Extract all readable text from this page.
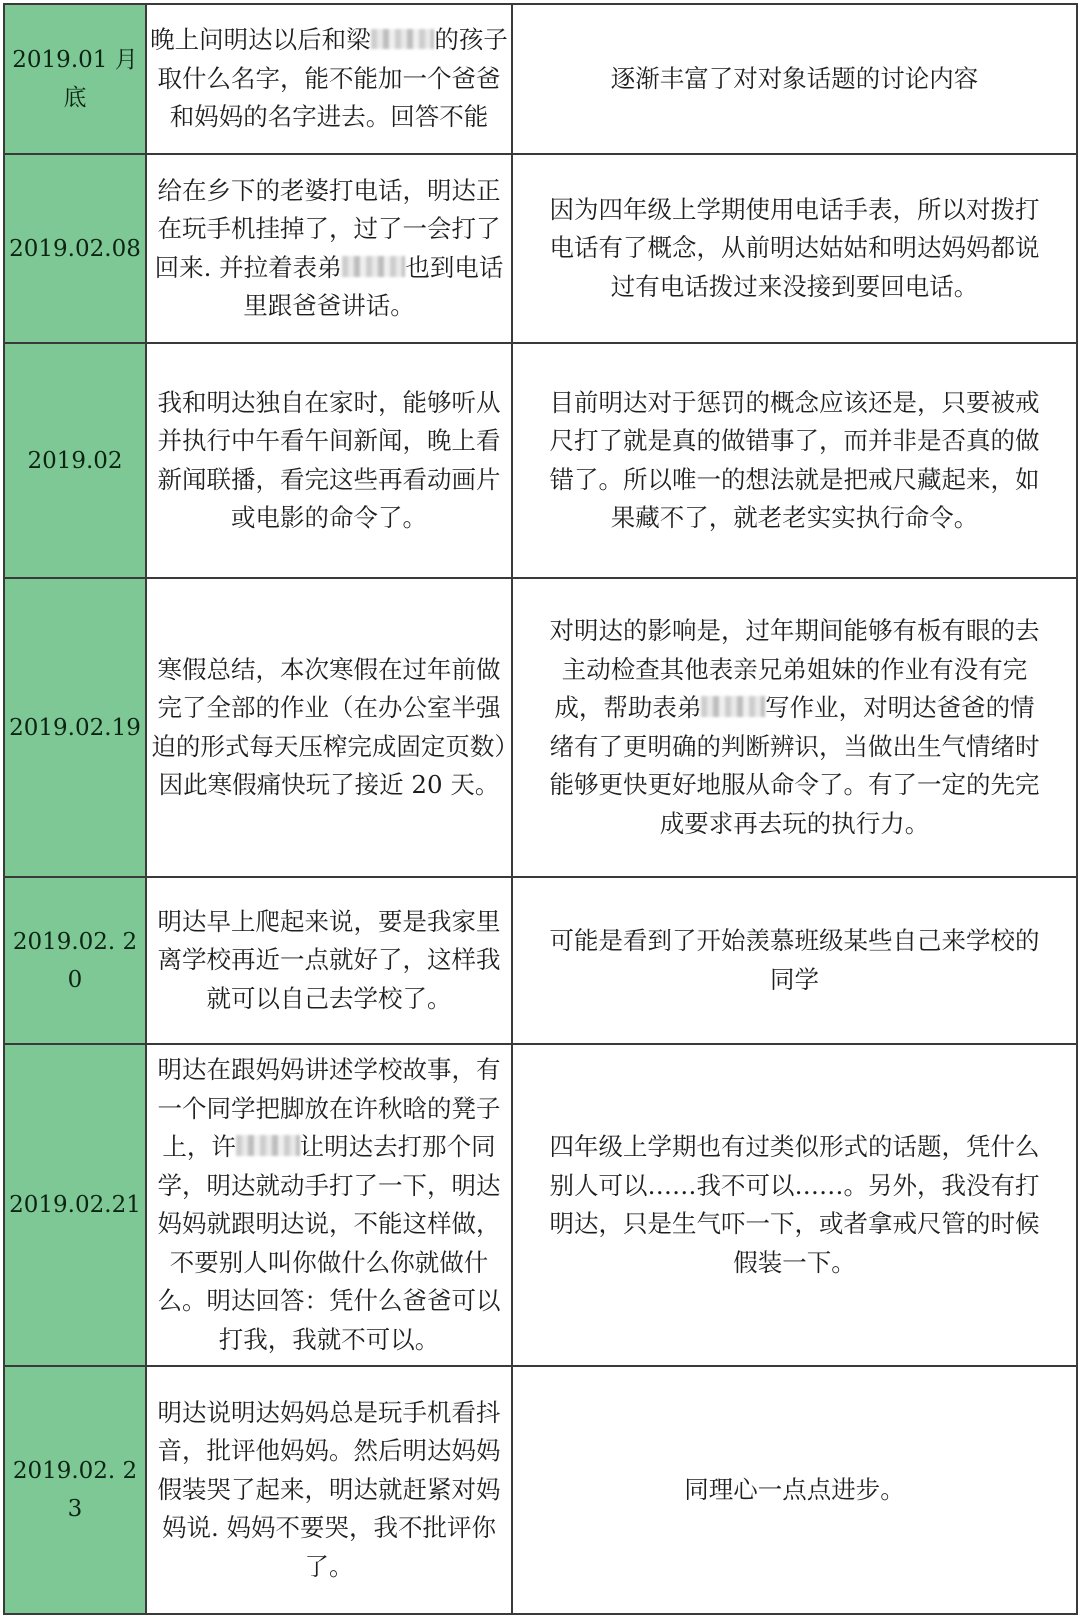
2019.01 月底	晚上问明达以后和梁 的孩子取什么名字，能不能加一个爸爸和妈妈的名字进去。回答不能	逐渐丰富了对对象话题的讨论内容
2019.02.08	给在乡下的老婆打电话，明达正在玩手机挂掉了，过了一会打了回来. 并拉着表弟 也到电话里跟爸爸讲话。	因为四年级上学期使用电话手表，所以对拨打电话有了概念，从前明达姑姑和明达妈妈都说过有电话拨过来没接到要回电话。
2019.02	我和明达独自在家时，能够听从并执行中午看午间新闻，晚上看新闻联播，看完这些再看动画片或电影的命令了。	目前明达对于惩罚的概念应该还是，只要被戒尺打了就是真的做错事了，而并非是否真的做错了。所以唯一的想法就是把戒尺藏起来，如果藏不了，就老老实实执行命令。
2019.02.19	寒假总结，本次寒假在过年前做完了全部的作业（在办公室半强迫的形式每天压榨完成固定页数）因此寒假痛快玩了接近 20 天。	对明达的影响是，过年期间能够有板有眼的去主动检查其他表亲兄弟姐妹的作业有没有完成，帮助表弟 写作业，对明达爸爸的情绪有了更明确的判断辨识，当做出生气情绪时能够更快更好地服从命令了。有了一定的先完成要求再去玩的执行力。
2019.02. 20	明达早上爬起来说，要是我家里离学校再近一点就好了，这样我就可以自己去学校了。	可能是看到了开始羡慕班级某些自己来学校的同学
2019.02.21	明达在跟妈妈讲述学校故事，有一个同学把脚放在许秋晗的凳子上，许 让明达去打那个同学，明达就动手打了一下，明达妈妈就跟明达说，不能这样做，不要别人叫你做什么你就做什么。明达回答：凭什么爸爸可以打我，我就不可以。	四年级上学期也有过类似形式的话题，凭什么别人可以……我不可以……。另外，我没有打明达，只是生气吓一下，或者拿戒尺管的时候假装一下。
2019.02. 23	明达说明达妈妈总是玩手机看抖音，批评他妈妈。然后明达妈妈假装哭了起来，明达就赶紧对妈妈说. 妈妈不要哭，我不批评你了。	同理心一点点进步。
